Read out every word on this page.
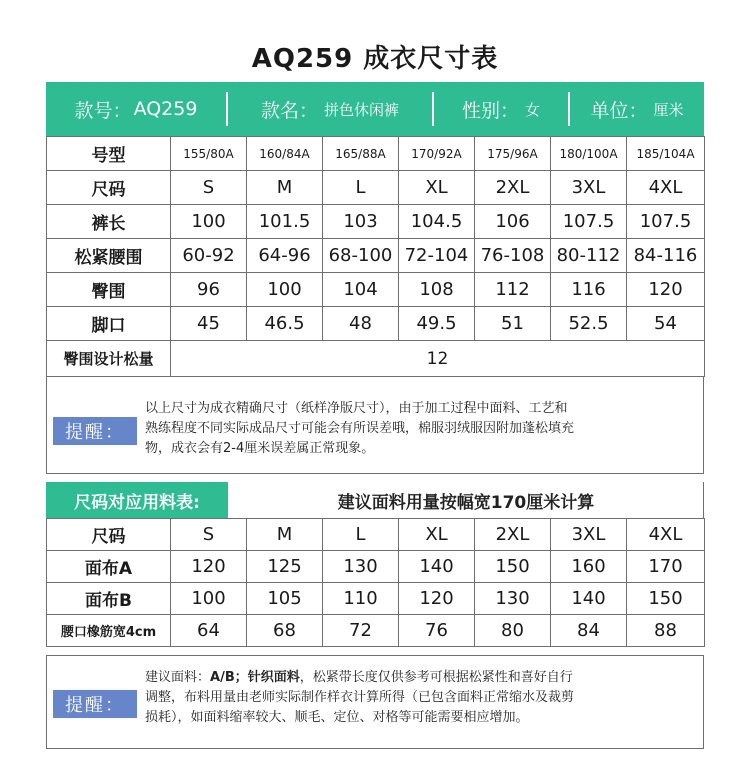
AQ259 成衣尺寸表
款号： AQ259	款名： 拼色休闲裤	性别： 女	单位： 厘米
号型	155/80A	160/84A	165/88A	170/92A	175/96A	180/100A	185/104A
尺码	S	M	L	XL	2XL	3XL	4XL
裤长	100	101.5	103	104.5	106	107.5	107.5
松紧腰围	60-92	64-96	68-100	72-104	76-108	80-112	84-116
臀围	96	100	104	108	112	116	120
脚口	45	46.5	48	49.5	51	52.5	54
臀围设计松量	12						
提醒：
以上尺寸为成衣精确尺寸（纸样净版尺寸），由于加工过程中面料、工艺和
熟练程度不同实际成品尺寸可能会有所误差哦，棉服羽绒服因附加蓬松填充
物，成衣会有2-4厘米误差属正常现象。
尺码对应用料表:	建议面料用量按幅宽170厘米计算
尺码	S	M	L	XL	2XL	3XL	4XL
面布A	120	125	130	140	150	160	170
面布B	100	105	110	120	130	140	150
腰口橡筋宽4cm	64	68	72	76	80	84	88
提醒：
建议面料：A/B；针织面料，松紧带长度仅供参考可根据松紧性和喜好自行
调整，布料用量由老师实际制作样衣计算所得（已包含面料正常缩水及裁剪
损耗），如面料缩率较大、顺毛、定位、对格等可能需要相应增加。
